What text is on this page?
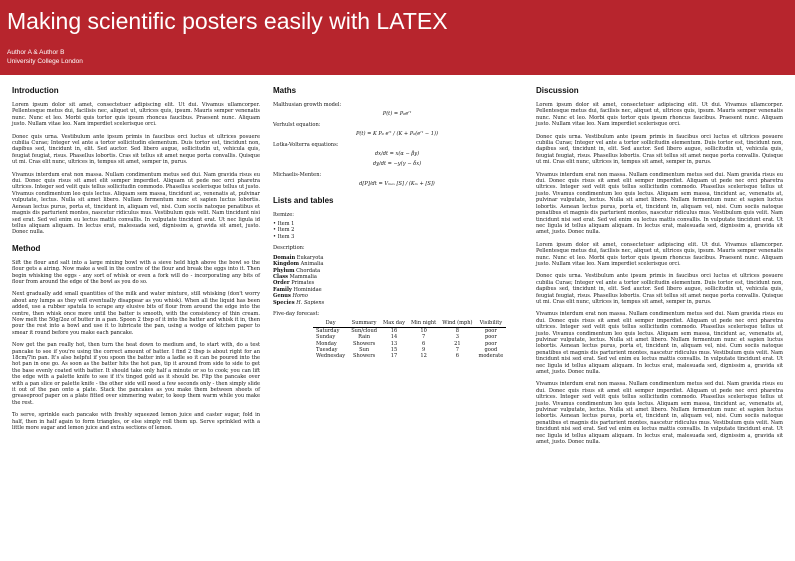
Making scientific posters easily with LATEX
Author A & Author B
University College London
Introduction

Lorem ipsum dolor sit amet, consectetuer adipiscing elit. Ut dui. Vivamus ullamcorper. Pellentesque metus dui, facilisis nec, aliquet ut, ultrices quis, ipsum. Mauris semper venenatis nunc. Nunc et leo. Morbi quis tortor quis ipsum rhoncus faucibus. Praesent nunc. Aliquam justo. Nullam vitae leo. Nam imperdiet scelerisque orci.

Donec quis urna. Vestibulum ante ipsum primis in faucibus orci luctus et ultrices posuere cubilia Curae; Integer vel ante a tortor sollicitudin elementum. Duis tortor est, tincidunt non, dapibus sed, tincidunt in, elit. Sed auctor. Sed libero augue, sollicitudin ut, vehicula quis, feugiat feugiat, risus. Phasellus lobortis. Cras sit tellus sit amet neque porta convallis. Quisque ut mi. Cras elit nunc, ultrices in, tempus sit amet, semper in, purus.

Vivamus interdum erat non massa. Nullam condimentum metus sed dui. Nam gravida risus eu dui. Donec quis risus sit amet elit semper imperdiet. Aliquam ut pede nec orci pharetra ultrices. Integer sed velit quis tellus sollicitudin commodo. Phasellus scelerisque tellus ut justo. Vivamus condimentum leo quis lectus. Aliquam sem massa, tincidunt ac, venenatis at, pulvinar vulputate, lectus. Nulla sit amet libero. Nullam fermentum nunc et sapien luctus lobortis. Aenean lectus purus, porta et, tincidunt in, aliquam vel, nisi. Cum sociis natoque penatibus et magnis dis parturient montes, nascetur ridiculus mus. Vestibulum quis velit. Nam tincidunt nisi sed erat. Sed vel enim eu lectus mattis convallis. In vulputate tincidunt erat. Ut nec ligula id tellus aliquam aliquam. In lectus erat, malesuada sed, dignissim a, gravida sit amet, justo. Donec nulla.

Method

Sift the flour and salt into a large mixing bowl with a sieve held high above the bowl so the flour gets a airing. Now make a well in the centre of the flour and break the eggs into it. Then begin whisking the eggs - any sort of whisk or even a fork will do - incorporating any bits of flour from around the edge of the bowl as you do so.

Next gradually add small quantities of the milk and water mixture, still whisking (don't worry about any lumps as they will eventually disappear as you whisk). When all the liquid has been added, use a rubber spatula to scrape any elusive bits of flour from around the edge into the centre, then whisk once more until the batter is smooth, with the consistency of thin cream. Now melt the 50g/2oz of butter in a pan. Spoon 2 tbsp of it into the batter and whisk it in, then pour the rest into a bowl and use it to lubricate the pan, using a wodge of kitchen paper to smear it round before you make each pancake.

Now get the pan really hot, then turn the heat down to medium and, to start with, do a test pancake to see if you're using the correct amount of batter. I find 2 tbsp is about right for an 18cm/7in pan. It's also helpful if you spoon the batter into a ladle so it can be poured into the hot pan in one go. As soon as the batter hits the hot pan, tip it around from side to side to get the base evenly coated with batter. It should take only half a minute or so to cook; you can lift the edge with a palette knife to see if it's tinged gold as it should be. Flip the pancake over with a pan slice or palette knife - the other side will need a few seconds only - then simply slide it out of the pan onto a plate. Stack the pancakes as you make them between sheets of greaseproof paper on a plate fitted over simmering water, to keep them warm while you make the rest.

To serve, sprinkle each pancake with freshly squeezed lemon juice and caster sugar, fold in half, then in half again to form triangles, or else simply roll them up. Serve sprinkled with a little more sugar and lemon juice and extra sections of lemon.

Maths

Malthusian growth model:

P(t) = P₀eʳᵗ

Verhulst equation:

P(t) = K P₀ eʳᵗ / (K + P₀(eʳᵗ − 1))

Lotka-Volterra equations:

dx/dt = x(α − βy)
dy/dt = −y(γ − δx)

Michaelis-Menten:

d[P]/dt = Vₘₐₓ [S] / (Kₘ + [S])
Lists and tables

Itemize:

• Item 1
• Item 2
• Item 3

Description:

Domain Eukaryota
Kingdom Animalia
Phylum Chordata
Class Mammalia
Order Primates
Family Hominidae
Genus Homo
Species H. Sapiens

Five-day forecast:

Day	Summary	Max day	Min night	Wind (mph)	Visibility
Saturday	Sun/cloud	16	10	8	poor
Sunday	Rain	14	7	3	poor
Monday	Showers	13	6	21	poor
Tuesday	Sun	15	9	7	good
Wednesday	Showers	17	12	6	moderate
Discussion

Lorem ipsum dolor sit amet, consectetuer adipiscing elit. Ut dui. Vivamus ullamcorper. Pellentesque metus dui, facilisis nec, aliquet ut, ultrices quis, ipsum. Mauris semper venenatis nunc. Nunc et leo. Morbi quis tortor quis ipsum rhoncus faucibus. Praesent nunc. Aliquam justo. Nullam vitae leo. Nam imperdiet scelerisque orci.

Donec quis urna. Vestibulum ante ipsum primis in faucibus orci luctus et ultrices posuere cubilia Curae; Integer vel ante a tortor sollicitudin elementum. Duis tortor est, tincidunt non, dapibus sed, tincidunt in, elit. Sed auctor. Sed libero augue, sollicitudin ut, vehicula quis, feugiat feugiat, risus. Phasellus lobortis. Cras sit tellus sit amet neque porta convallis. Quisque ut mi. Cras elit nunc, ultrices in, tempus sit amet, semper in, purus.

Vivamus interdum erat non massa. Nullam condimentum metus sed dui. Nam gravida risus eu dui. Donec quis risus sit amet elit semper imperdiet. Aliquam ut pede nec orci pharetra ultrices. Integer sed velit quis tellus sollicitudin commodo. Phasellus scelerisque tellus ut justo. Vivamus condimentum leo quis lectus. Aliquam sem massa, tincidunt ac, venenatis at, pulvinar vulputate, lectus. Nulla sit amet libero. Nullam fermentum nunc et sapien luctus lobortis. Aenean lectus purus, porta et, tincidunt in, aliquam vel, nisi. Cum sociis natoque penatibus et magnis dis parturient montes, nascetur ridiculus mus. Vestibulum quis velit. Nam tincidunt nisi sed erat. Sed vel enim eu lectus mattis convallis. In vulputate tincidunt erat. Ut nec ligula id tellus aliquam aliquam. In lectus erat, malesuada sed, dignissim a, gravida sit amet, justo. Donec nulla.

Lorem ipsum dolor sit amet, consectetuer adipiscing elit. Ut dui. Vivamus ullamcorper. Pellentesque metus dui, facilisis nec, aliquet ut, ultrices quis, ipsum. Mauris semper venenatis nunc. Nunc et leo. Morbi quis tortor quis ipsum rhoncus faucibus. Praesent nunc. Aliquam justo. Nullam vitae leo. Nam imperdiet scelerisque orci.

Donec quis urna. Vestibulum ante ipsum primis in faucibus orci luctus et ultrices posuere cubilia Curae; Integer vel ante a tortor sollicitudin elementum. Duis tortor est, tincidunt non, dapibus sed, tincidunt in, elit. Sed auctor. Sed libero augue, sollicitudin ut, vehicula quis, feugiat feugiat, risus. Phasellus lobortis. Cras sit tellus sit amet neque porta convallis. Quisque ut mi. Cras elit nunc, ultrices in, tempus sit amet, semper in, purus.

Vivamus interdum erat non massa. Nullam condimentum metus sed dui. Nam gravida risus eu dui. Donec quis risus sit amet elit semper imperdiet. Aliquam ut pede nec orci pharetra ultrices. Integer sed velit quis tellus sollicitudin commodo. Phasellus scelerisque tellus ut justo. Vivamus condimentum leo quis lectus. Aliquam sem massa, tincidunt ac, venenatis at, pulvinar vulputate, lectus. Nulla sit amet libero. Nullam fermentum nunc et sapien luctus lobortis. Aenean lectus purus, porta et, tincidunt in, aliquam vel, nisi. Cum sociis natoque penatibus et magnis dis parturient montes, nascetur ridiculus mus. Vestibulum quis velit. Nam tincidunt nisi sed erat. Sed vel enim eu lectus mattis convallis. In vulputate tincidunt erat. Ut nec ligula id tellus aliquam aliquam. In lectus erat, malesuada sed, dignissim a, gravida sit amet, justo. Donec nulla.

Vivamus interdum erat non massa. Nullam condimentum metus sed dui. Nam gravida risus eu dui. Donec quis risus sit amet elit semper imperdiet. Aliquam ut pede nec orci pharetra ultrices. Integer sed velit quis tellus sollicitudin commodo. Phasellus scelerisque tellus ut justo. Vivamus condimentum leo quis lectus. Aliquam sem massa, tincidunt ac, venenatis at, pulvinar vulputate, lectus. Nulla sit amet libero. Nullam fermentum nunc et sapien luctus lobortis. Aenean lectus purus, porta et, tincidunt in, aliquam vel, nisi. Cum sociis natoque penatibus et magnis dis parturient montes, nascetur ridiculus mus. Vestibulum quis velit. Nam tincidunt nisi sed erat. Sed vel enim eu lectus mattis convallis. In vulputate tincidunt erat. Ut nec ligula id tellus aliquam aliquam. In lectus erat, malesuada sed, dignissim a, gravida sit amet, justo. Donec nulla.
